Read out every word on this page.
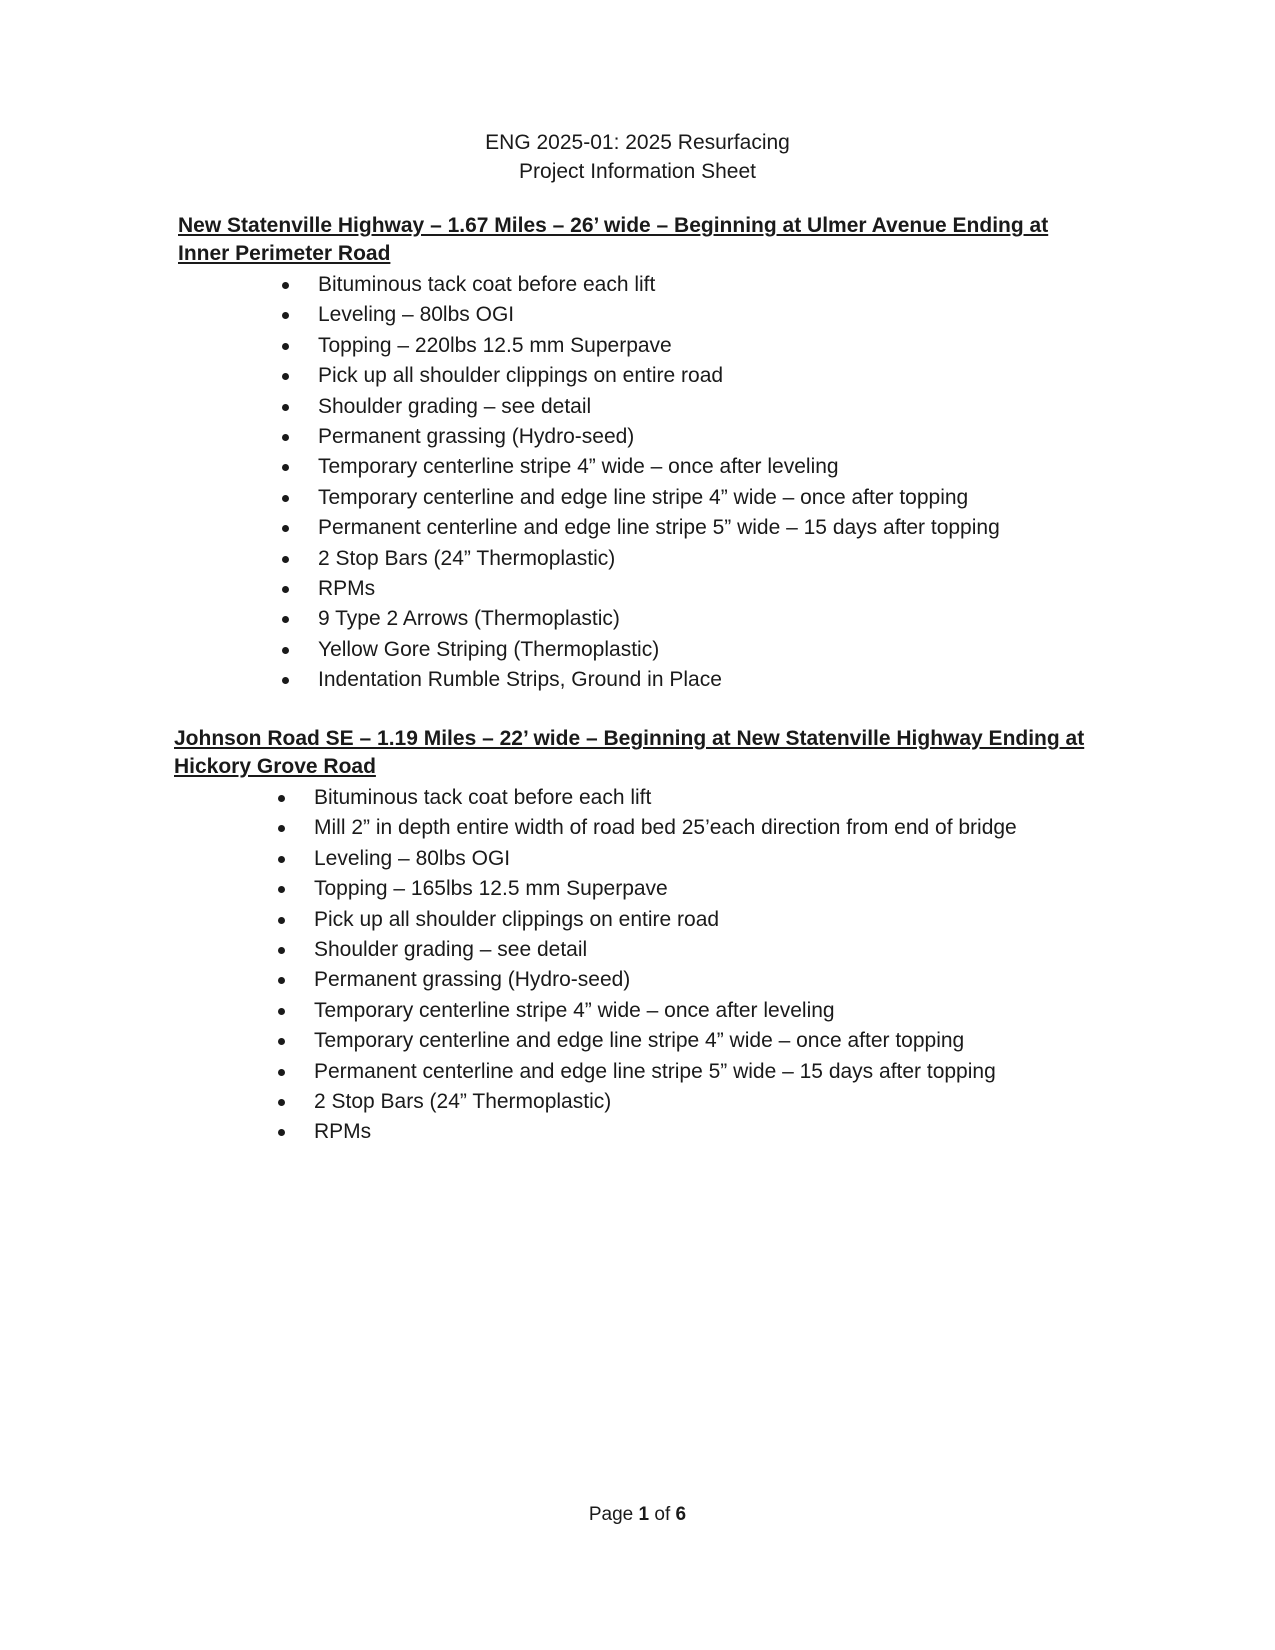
ENG 2025-01: 2025 Resurfacing
Project Information Sheet
New Statenville Highway – 1.67 Miles – 26’ wide – Beginning at Ulmer Avenue Ending at Inner Perimeter Road
Bituminous tack coat before each lift
Leveling – 80lbs OGI
Topping – 220lbs 12.5 mm Superpave
Pick up all shoulder clippings on entire road
Shoulder grading – see detail
Permanent grassing (Hydro-seed)
Temporary centerline stripe 4” wide – once after leveling
Temporary centerline and edge line stripe 4” wide – once after topping
Permanent centerline and edge line stripe 5” wide – 15 days after topping
2 Stop Bars (24” Thermoplastic)
RPMs
9 Type 2 Arrows (Thermoplastic)
Yellow Gore Striping (Thermoplastic)
Indentation Rumble Strips, Ground in Place
Johnson Road SE – 1.19 Miles – 22’ wide – Beginning at New Statenville Highway Ending at Hickory Grove Road
Bituminous tack coat before each lift
Mill 2” in depth entire width of road bed 25’each direction from end of bridge
Leveling – 80lbs OGI
Topping – 165lbs 12.5 mm Superpave
Pick up all shoulder clippings on entire road
Shoulder grading – see detail
Permanent grassing (Hydro-seed)
Temporary centerline stripe 4” wide – once after leveling
Temporary centerline and edge line stripe 4” wide – once after topping
Permanent centerline and edge line stripe 5” wide – 15 days after topping
2 Stop Bars (24” Thermoplastic)
RPMs
Page 1 of 6
